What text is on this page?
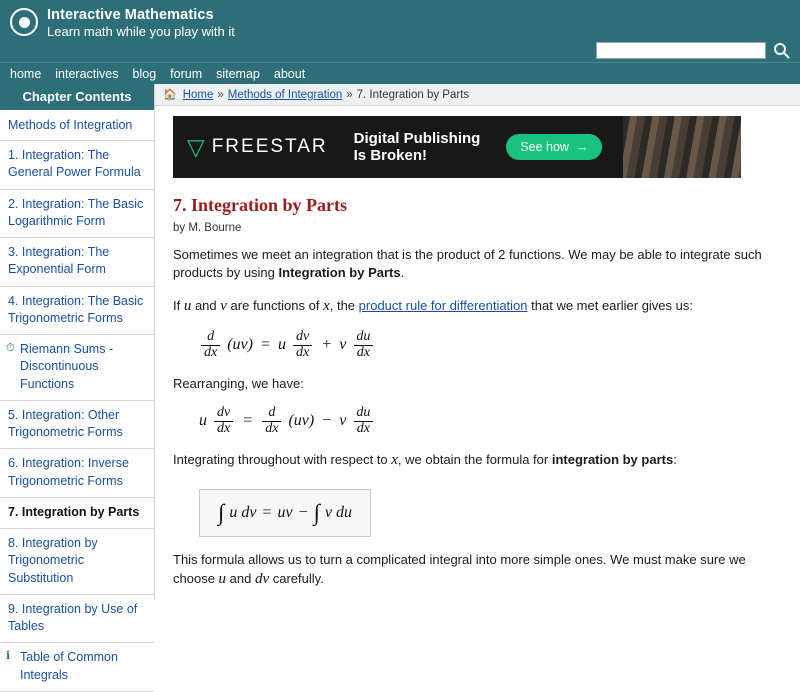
Interactive Mathematics
Learn math while you play with it
home	interactives	blog	forum	sitemap	about
Chapter Contents
Methods of Integration
1. Integration: The General Power Formula
2. Integration: The Basic Logarithmic Form
3. Integration: The Exponential Form
4. Integration: The Basic Trigonometric Forms
⏱ Riemann Sums - Discontinuous Functions
5. Integration: Other Trigonometric Forms
6. Integration: Inverse Trigonometric Forms
7. Integration by Parts
8. Integration by Trigonometric Substitution
9. Integration by Use of Tables
ℹ Table of Common Integrals
🏠 Home » Methods of Integration » 7. Integration by Parts
▽ FREESTAR Digital Publishing
Is Broken!	See how →
7. Integration by Parts
by M. Bourne

Sometimes we meet an integration that is the product of 2 functions. We may be able to integrate such products by using Integration by Parts.

If u and v are functions of x, the product rule for differentiation that we met earlier gives us:

$\frac{d}{dx} (uv) = u \frac{dv}{dx} + v \frac{du}{dx}$

Rearranging, we have:

u $\frac{dv}{dx} = \frac{d}{dx} (uv) - v \frac{du}{dx}$

Integrating throughout with respect to x, we obtain the formula for integration by parts:

∫ u dv = uv − ∫ v du

This formula allows us to turn a complicated integral into more simple ones. We must make sure we choose u and dv carefully.
